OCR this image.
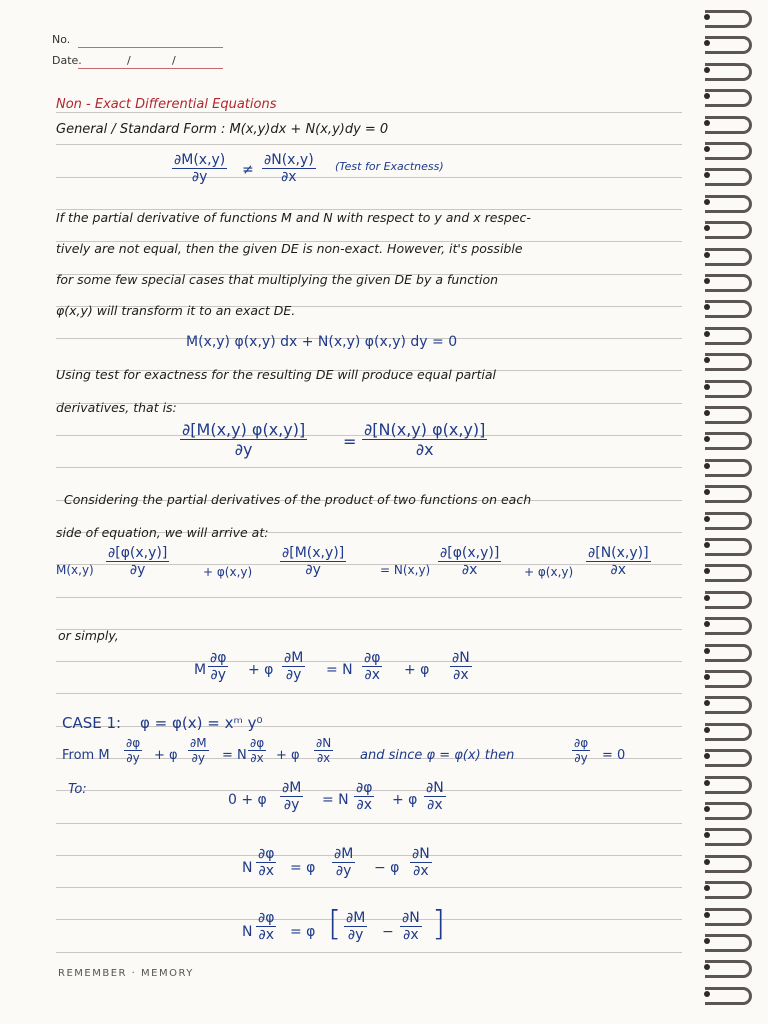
No.
Date.	/	/
Non - Exact Differential Equations
General / Standard Form : M(x,y)dx + N(x,y)dy = 0
$\frac{\partial M(x,y)}{\partial y} \ne \frac{\partial N(x,y)}{\partial x}$ (Test for Exactness)
If the partial derivative of functions M and N with respect to y and x respec-
tively are not equal, then the given DE is non-exact. However, it's possible
for some few special cases that multiplying the given DE by a function
φ(x,y) will transform it to an exact DE.
M(x,y) φ(x,y) dx + N(x,y) φ(x,y) dy = 0
Using test for exactness for the resulting DE will produce equal partial
derivatives, that is:
$\frac{\partial[M(x,y) \varphi(x,y)]}{\partial y} = \frac{\partial[N(x,y) \varphi(x,y)]}{\partial x}$
Considering the partial derivatives of the product of two functions on each
side of equation, we will arrive at:
$M(x,y) \frac{\partial[\varphi(x,y)]}{\partial y}$	+ $\varphi(x,y) \frac{\partial[M(x,y)]}{\partial y}$	= $N(x,y) \frac{\partial[\varphi(x,y)]}{\partial x} + \varphi(x,y) \frac{\partial[N(x,y)]}{\partial x}$
or simply,
M $\frac{\partial\varphi}{\partial y} + \varphi \frac{\partial M}{\partial y} = N \frac{\partial\varphi}{\partial x} + \varphi \frac{\partial N}{\partial x}$
CASE 1: φ = φ(x) = xᵐ y⁰
From M $\frac{\partial\varphi}{\partial y} + \varphi \frac{\partial M}{\partial y} = N \frac{\partial\varphi}{\partial x} + \varphi \frac{\partial N}{\partial x}$ and since φ = φ(x) then	$\frac{\partial\varphi}{\partial y} = 0$
To:
0 + φ $\frac{\partial M}{\partial y} = N \frac{\partial\varphi}{\partial x} + \varphi \frac{\partial N}{\partial x}$
N $\frac{\partial\varphi}{\partial x} = \varphi \frac{\partial M}{\partial y} - \varphi \frac{\partial N}{\partial x}$
N $\frac{\partial\varphi}{\partial x} = \varphi$ [ $\frac{\partial M}{\partial y} - \frac{\partial N}{\partial x}$ ]
REMEMBER · MEMORY
